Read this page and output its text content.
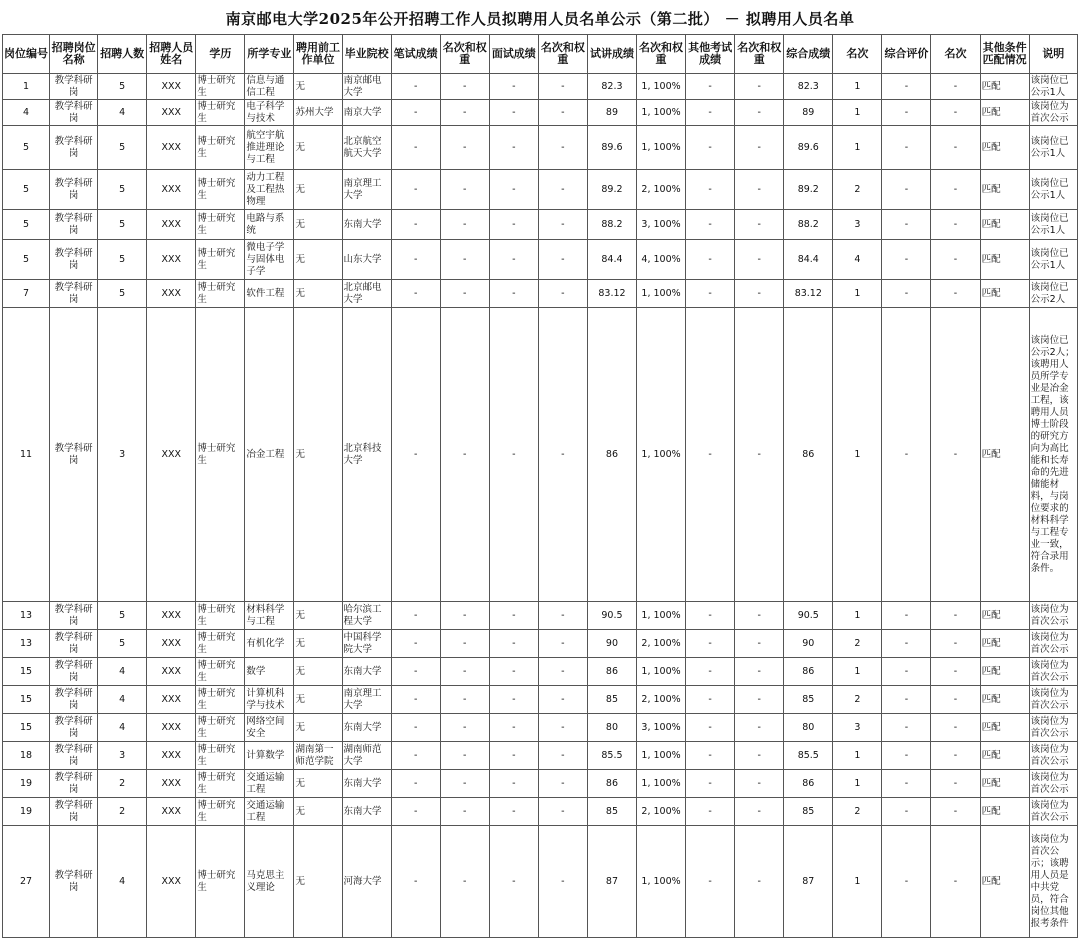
南京邮电大学2025年公开招聘工作人员拟聘用人员名单公示（第二批） － 拟聘用人员名单
岗位编号	招聘岗位名称	招聘人数	招聘人员姓名	学历	所学专业	聘用前工作单位	毕业院校	笔试成绩	名次和权重	面试成绩	名次和权重	试讲成绩	名次和权重	其他考试成绩	名次和权重	综合成绩	名次	综合评价	名次	其他条件匹配情况	说明
1	教学科研岗	5	XXX	博士研究生	信息与通信工程	无	南京邮电大学	-	-	-	-	82.3	1, 100%	-	-	82.3	1	-	-	匹配	该岗位已公示1人
4	教学科研岗	4	XXX	博士研究生	电子科学与技术	苏州大学	南京大学	-	-	-	-	89	1, 100%	-	-	89	1	-	-	匹配	该岗位为首次公示
5	教学科研岗	5	XXX	博士研究生	航空宇航推进理论与工程	无	北京航空航天大学	-	-	-	-	89.6	1, 100%	-	-	89.6	1	-	-	匹配	该岗位已公示1人
5	教学科研岗	5	XXX	博士研究生	动力工程及工程热物理	无	南京理工大学	-	-	-	-	89.2	2, 100%	-	-	89.2	2	-	-	匹配	该岗位已公示1人
5	教学科研岗	5	XXX	博士研究生	电路与系统	无	东南大学	-	-	-	-	88.2	3, 100%	-	-	88.2	3	-	-	匹配	该岗位已公示1人
5	教学科研岗	5	XXX	博士研究生	微电子学与固体电子学	无	山东大学	-	-	-	-	84.4	4, 100%	-	-	84.4	4	-	-	匹配	该岗位已公示1人
7	教学科研岗	5	XXX	博士研究生	软件工程	无	北京邮电大学	-	-	-	-	83.12	1, 100%	-	-	83.12	1	-	-	匹配	该岗位已公示2人
11	教学科研岗	3	XXX	博士研究生	冶金工程	无	北京科技大学	-	-	-	-	86	1, 100%	-	-	86	1	-	-	匹配	该岗位已公示2人；该聘用人员所学专业是冶金工程，该聘用人员博士阶段的研究方向为高比能和长寿命的先进储能材料，与岗位要求的材料科学与工程专业一致，符合录用条件。
13	教学科研岗	5	XXX	博士研究生	材料科学与工程	无	哈尔滨工程大学	-	-	-	-	90.5	1, 100%	-	-	90.5	1	-	-	匹配	该岗位为首次公示
13	教学科研岗	5	XXX	博士研究生	有机化学	无	中国科学院大学	-	-	-	-	90	2, 100%	-	-	90	2	-	-	匹配	该岗位为首次公示
15	教学科研岗	4	XXX	博士研究生	数学	无	东南大学	-	-	-	-	86	1, 100%	-	-	86	1	-	-	匹配	该岗位为首次公示
15	教学科研岗	4	XXX	博士研究生	计算机科学与技术	无	南京理工大学	-	-	-	-	85	2, 100%	-	-	85	2	-	-	匹配	该岗位为首次公示
15	教学科研岗	4	XXX	博士研究生	网络空间安全	无	东南大学	-	-	-	-	80	3, 100%	-	-	80	3	-	-	匹配	该岗位为首次公示
18	教学科研岗	3	XXX	博士研究生	计算数学	湖南第一师范学院	湖南师范大学	-	-	-	-	85.5	1, 100%	-	-	85.5	1	-	-	匹配	该岗位为首次公示
19	教学科研岗	2	XXX	博士研究生	交通运输工程	无	东南大学	-	-	-	-	86	1, 100%	-	-	86	1	-	-	匹配	该岗位为首次公示
19	教学科研岗	2	XXX	博士研究生	交通运输工程	无	东南大学	-	-	-	-	85	2, 100%	-	-	85	2	-	-	匹配	该岗位为首次公示
27	教学科研岗	4	XXX	博士研究生	马克思主义理论	无	河海大学	-	-	-	-	87	1, 100%	-	-	87	1	-	-	匹配	该岗位为首次公示；该聘用人员是中共党员，符合岗位其他报考条件
